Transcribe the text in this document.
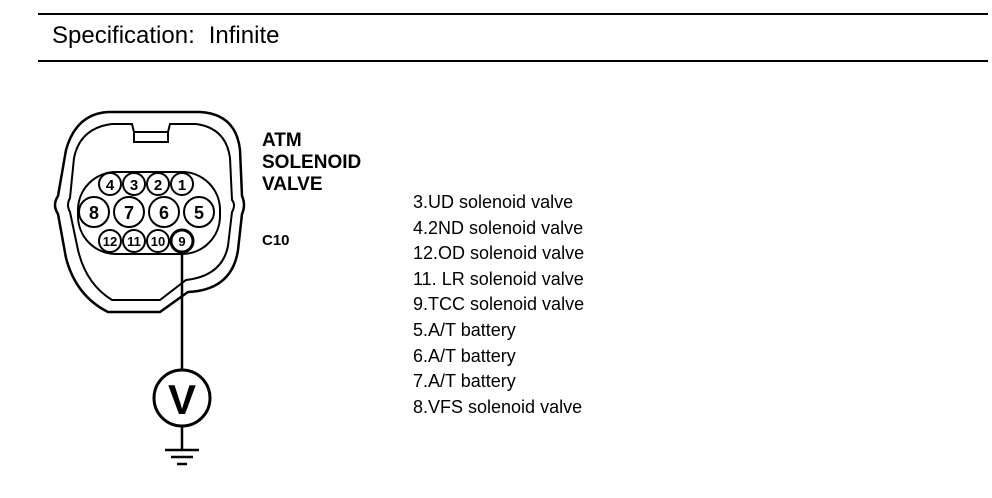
Specification: Infinite
4 3 2 1
8 7 6 5
12 11 10 9
V
ATM
SOLENOID
VALVE
C10
3.UD solenoid valve
4.2ND solenoid valve
12.OD solenoid valve
11. LR solenoid valve
9.TCC solenoid valve
5.A/T battery
6.A/T battery
7.A/T battery
8.VFS solenoid valve
